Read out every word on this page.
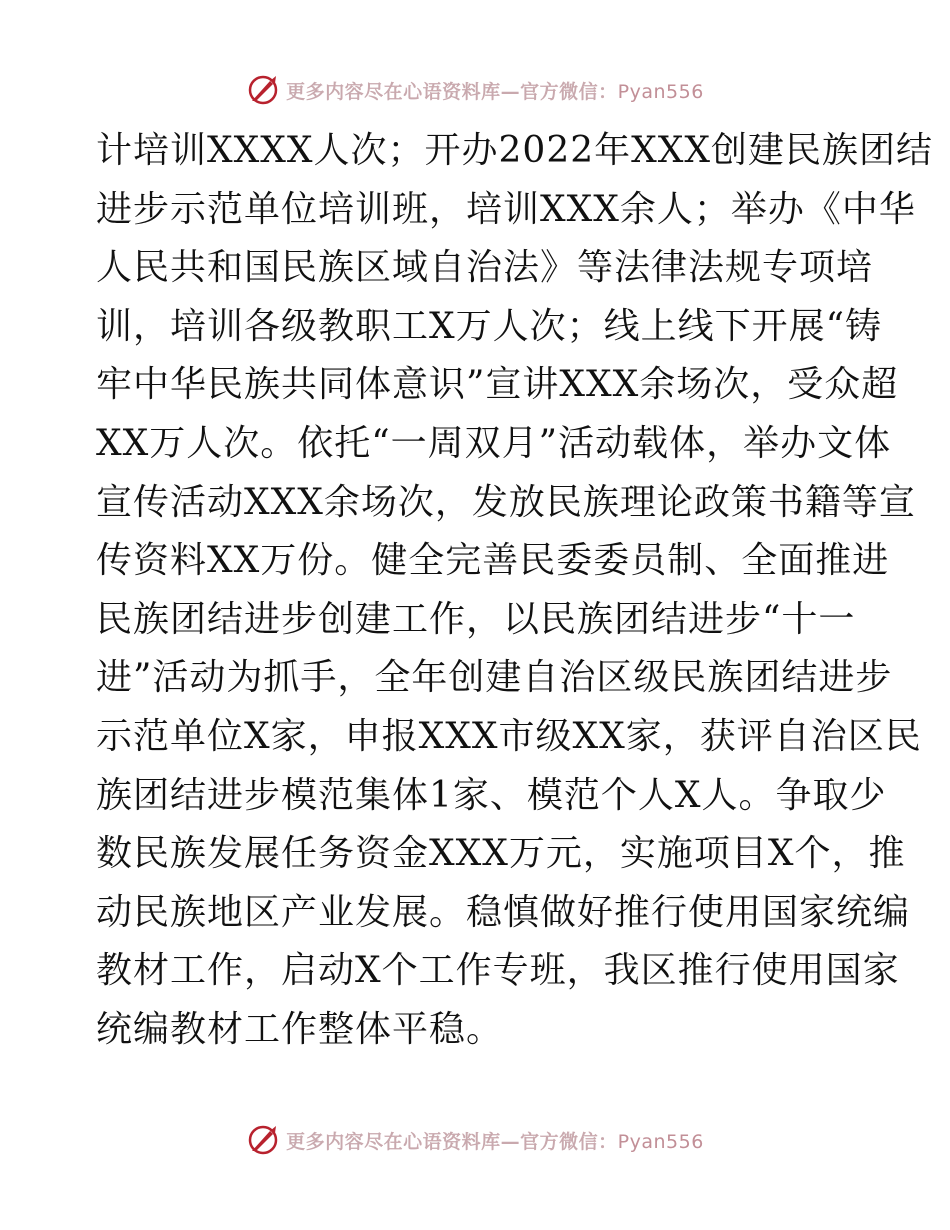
更多内容尽在心语资料库—官方微信：Pyan556
计培训XXXX人次；开办2022年XXX创建民族团结
进步示范单位培训班，培训XXX余人；举办《中华
人民共和国民族区域自治法》等法律法规专项培
训，培训各级教职工X万人次；线上线下开展“铸
牢中华民族共同体意识”宣讲XXX余场次，受众超
XX万人次。依托“一周双月”活动载体，举办文体
宣传活动XXX余场次，发放民族理论政策书籍等宣
传资料XX万份。健全完善民委委员制、全面推进
民族团结进步创建工作，以民族团结进步“十一
进”活动为抓手，全年创建自治区级民族团结进步
示范单位X家，申报XXX市级XX家，获评自治区民
族团结进步模范集体1家、模范个人X人。争取少
数民族发展任务资金XXX万元，实施项目X个，推
动民族地区产业发展。稳慎做好推行使用国家统编
教材工作，启动X个工作专班，我区推行使用国家
统编教材工作整体平稳。
更多内容尽在心语资料库—官方微信：Pyan556
